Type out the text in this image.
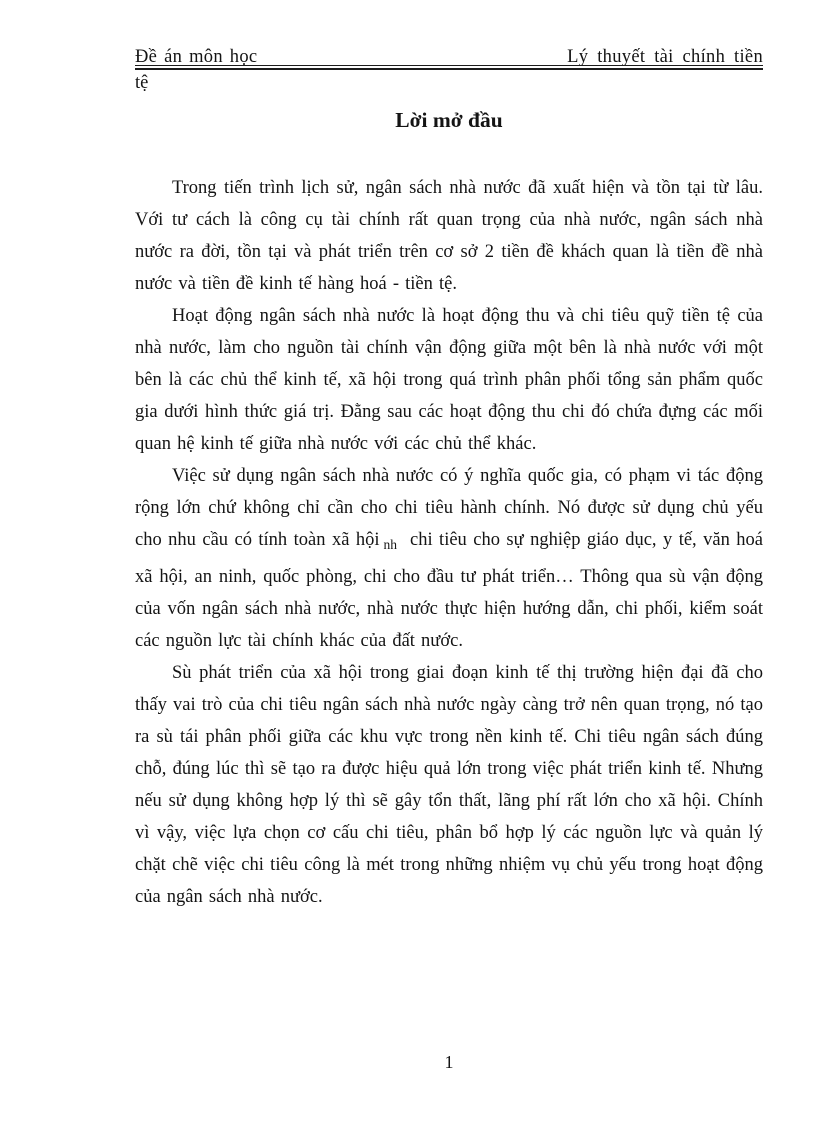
Đề án môn học	Lý thuyết tài chính tiền
tệ
Lời mở đầu

Trong tiến trình lịch sử, ngân sách nhà nước đã xuất hiện và tồn tại từ lâu. Với tư cách là công cụ tài chính rất quan trọng của nhà nước, ngân sách nhà nước ra đời, tồn tại và phát triển trên cơ sở 2 tiền đề khách quan là tiền đề nhà nước và tiền đề kinh tế hàng hoá - tiền tệ.

Hoạt động ngân sách nhà nước là hoạt động thu và chi tiêu quỹ tiền tệ của nhà nước, làm cho nguồn tài chính vận động giữa một bên là nhà nước với một bên là các chủ thể kinh tế, xã hội trong quá trình phân phối tổng sản phẩm quốc gia dưới hình thức giá trị. Đằng sau các hoạt động thu chi đó chứa đựng các mối quan hệ kinh tế giữa nhà nước với các chủ thể khác.

Việc sử dụng ngân sách nhà nước có ý nghĩa quốc gia, có phạm vi tác động rộng lớn chứ không chỉ cần cho chi tiêu hành chính. Nó được sử dụng chủ yếu cho nhu cầu có tính toàn xã hội $_{nh}$ chi tiêu cho sự nghiệp giáo dục, y tế, văn hoá xã hội, an ninh, quốc phòng, chi cho đầu tư phát triển… Thông qua sù vận động của vốn ngân sách nhà nước, nhà nước thực hiện hướng dẫn, chi phối, kiểm soát các nguồn lực tài chính khác của đất nước.

Sù phát triển của xã hội trong giai đoạn kinh tế thị trường hiện đại đã cho thấy vai trò của chi tiêu ngân sách nhà nước ngày càng trở nên quan trọng, nó tạo ra sù tái phân phối giữa các khu vực trong nền kinh tế. Chi tiêu ngân sách đúng chỗ, đúng lúc thì sẽ tạo ra được hiệu quả lớn trong việc phát triển kinh tế. Nhưng nếu sử dụng không hợp lý thì sẽ gây tổn thất, lãng phí rất lớn cho xã hội. Chính vì vậy, việc lựa chọn cơ cấu chi tiêu, phân bổ hợp lý các nguồn lực và quản lý chặt chẽ việc chi tiêu công là mét trong những nhiệm vụ chủ yếu trong hoạt động của ngân sách nhà nước.

1
